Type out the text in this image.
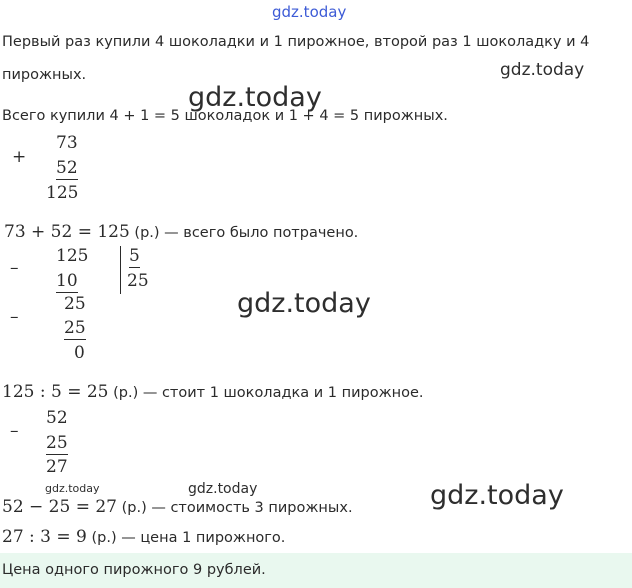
gdz.today
gdz.today
gdz.today
gdz.today
gdz.today	gdz.today	gdz.today
Первый раз купили 4 шоколадки и 1 пирожное, второй раз 1 шоколадку и 4
пирожных.
Всего купили 4 + 1 = 5 шоколадок и 1 + 4 = 5 пирожных.
+
73
52
125
73 + 52 = 125 (р.) — всего было потрачено.
–
125
10
–
25
25
0
5
25
125 : 5 = 25 (р.) — стоит 1 шоколадка и 1 пирожное.
–
52
25
27
52 − 25 = 27 (р.) — стоимость 3 пирожных.
27 : 3 = 9 (р.) — цена 1 пирожного.
Цена одного пирожного 9 рублей.
